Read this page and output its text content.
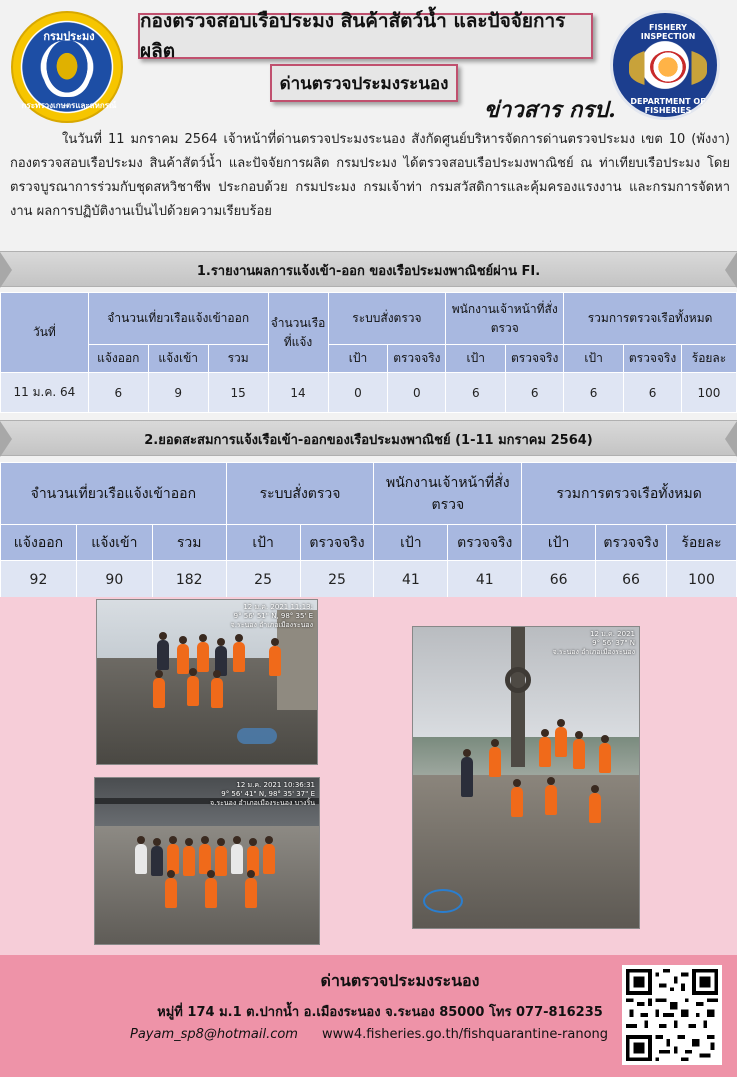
กรมประมง
กระทรวงเกษตรและสหกรณ์
กองตรวจสอบเรือประมง สินค้าสัตว์น้ำ และปัจจัยการผลิต
ด่านตรวจประมงระนอง
ข่าวสาร กรป.
FISHERY INSPECTION
DEPARTMENT OF FISHERIES

ในวันที่ 11 มกราคม 2564 เจ้าหน้าที่ด่านตรวจประมงระนอง สังกัดศูนย์บริหารจัดการด่านตรวจประมง เขต 10 (พังงา) กองตรวจสอบเรือประมง สินค้าสัตว์น้ำ และปัจจัยการผลิต กรมประมง ได้ตรวจสอบเรือประมงพาณิชย์ ณ ท่าเทียบเรือประมง โดยตรวจบูรณาการร่วมกับชุดสหวิชาชีพ ประกอบด้วย กรมประมง กรมเจ้าท่า กรมสวัสดิการและคุ้มครองแรงงาน และกรมการจัดหางาน ผลการปฏิบัติงานเป็นไปด้วยความเรียบร้อย

1.รายงานผลการแจ้งเข้า-ออก ของเรือประมงพาณิชย์ผ่าน FI.
วันที่	จำนวนเที่ยวเรือแจ้งเข้าออก			จำนวนเรือที่แจ้ง	ระบบสั่งตรวจ		พนักงานเจ้าหน้าที่สั่งตรวจ		รวมการตรวจเรือทั้งหมด		
	แจ้งออก	แจ้งเข้า	รวม		เป้า	ตรวจจริง	เป้า	ตรวจจริง	เป้า	ตรวจจริง	ร้อยละ
11 ม.ค. 64	6	9	15	14	0	0	6	6	6	6	100
2.ยอดสะสมการแจ้งเรือเข้า-ออกของเรือประมงพาณิชย์ (1-11 มกราคม 2564)
จำนวนเที่ยวเรือแจ้งเข้าออก			ระบบสั่งตรวจ		พนักงานเจ้าหน้าที่สั่งตรวจ		รวมการตรวจเรือทั้งหมด		
แจ้งออก	แจ้งเข้า	รวม	เป้า	ตรวจจริง	เป้า	ตรวจจริง	เป้า	ตรวจจริง	ร้อยละ
92	90	182	25	25	41	41	66	66	100
12 ม.ค. 2021 11:13:
9° 56' 51" N, 98° 35' E
จ.ระนอง อำเภอเมืองระนอง
12 ม.ค. 2021 10:36:31
9° 56' 41" N, 98° 35' 37" E
จ.ระนอง อำเภอเมืองระนอง บางริ้น
12 ม.ค. 2021
9° 56' 37" N
จ.ระนอง อำเภอเมืองระนอง
ด่านตรวจประมงระนอง
หมู่ที่ 174 ม.1 ต.ปากน้ำ อ.เมืองระนอง จ.ระนอง 85000 โทร 077-816235
Payam_sp8@hotmail.com www4.fisheries.go.th/fishquarantine-ranong
